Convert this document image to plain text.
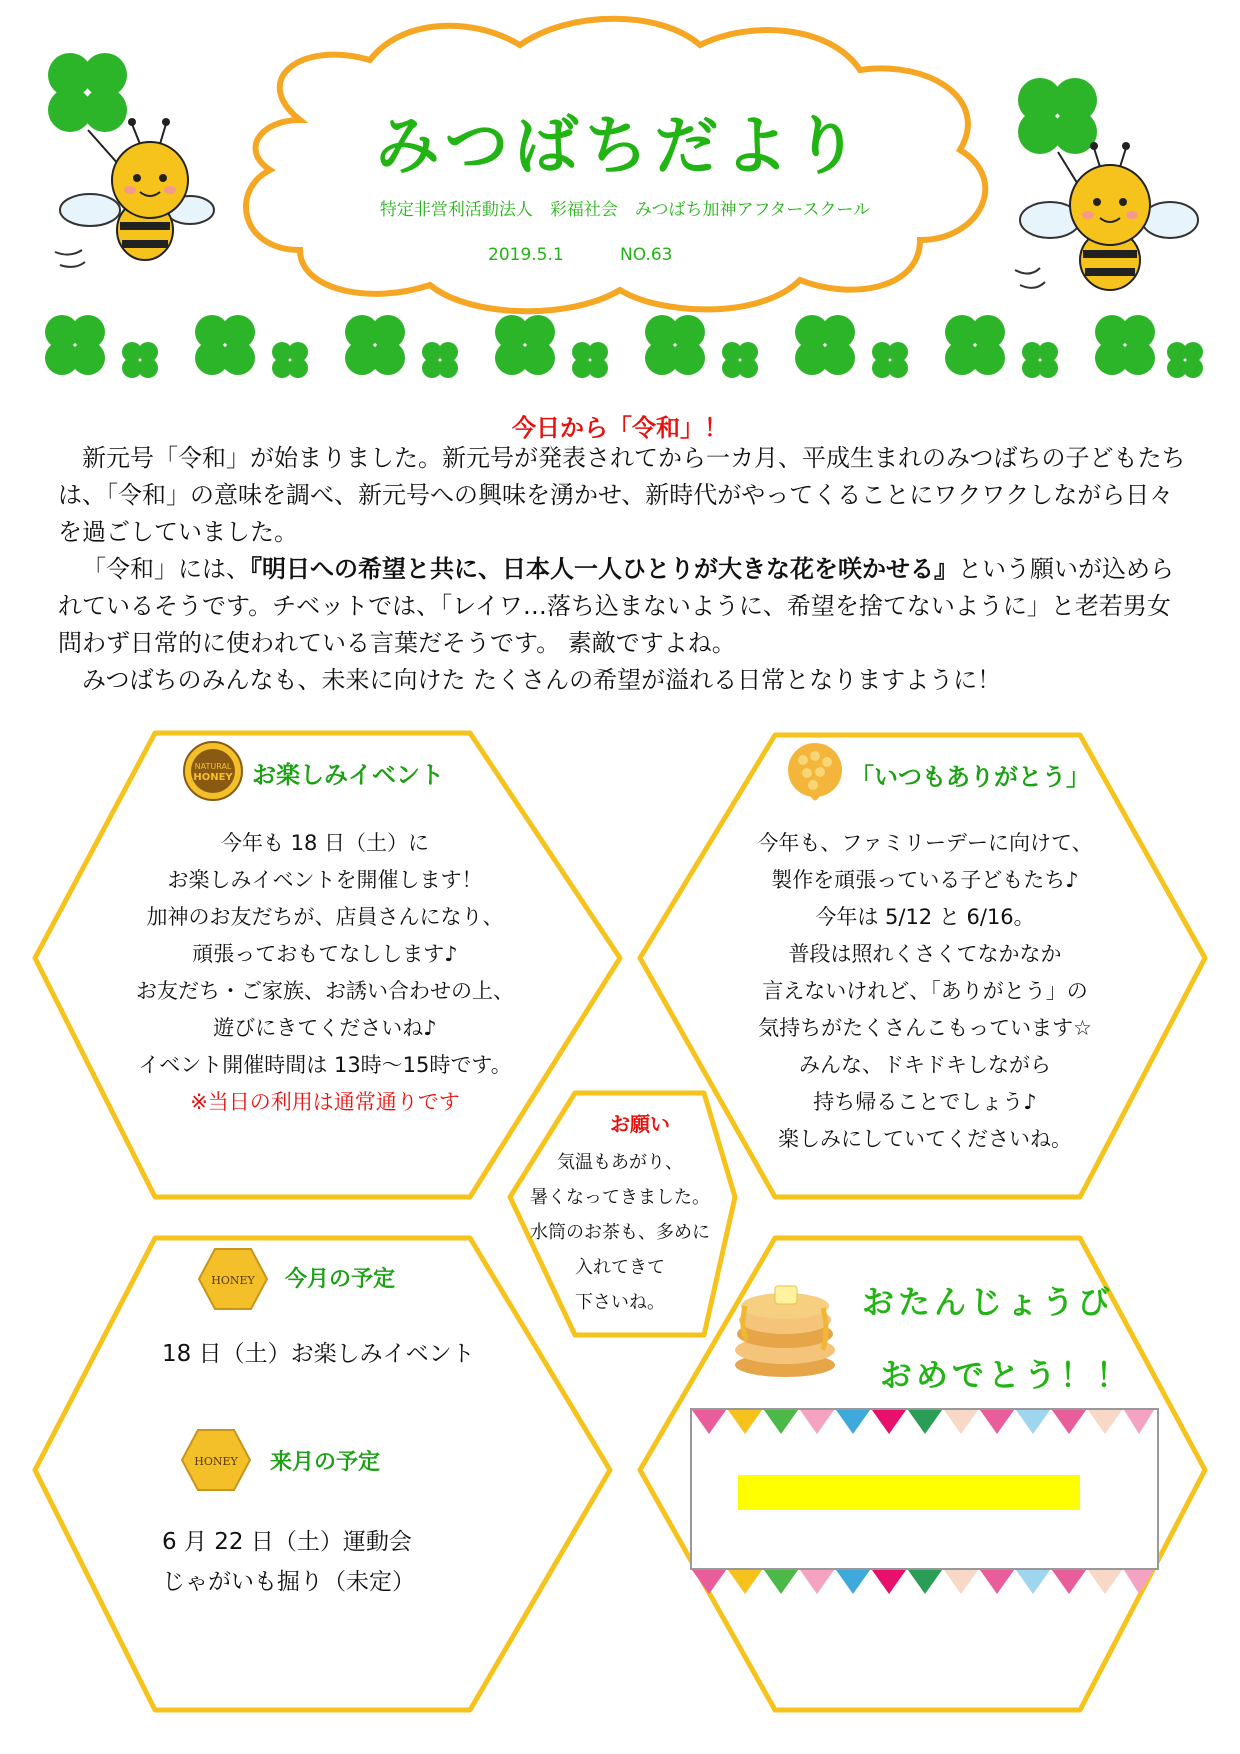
みつばちだより
特定非営利活動法人　彩福社会　みつばち加神アフタースクール
2019.5.1	NO.63
今日から「令和」！

新元号「令和」が始まりました。新元号が発表されてから一カ月、平成生まれのみつばちの子どもたちは、「令和」の意味を調べ、新元号への興味を湧かせ、新時代がやってくることにワクワクしながら日々を過ごしていました。

「令和」には、『明日への希望と共に、日本人一人ひとりが大きな花を咲かせる』という願いが込められているそうです。チベットでは、「レイワ…落ち込まないように、希望を捨てないように」と老若男女問わず日常的に使われている言葉だそうです。 素敵ですよね。

みつばちのみんなも、未来に向けた たくさんの希望が溢れる日常となりますように！

NATURAL
HONEY お楽しみイベント
今年も 18 日（土）に
お楽しみイベントを開催します！
加神のお友だちが、店員さんになり、
頑張っておもてなしします♪
お友だち・ご家族、お誘い合わせの上、
遊びにきてくださいね♪
イベント開催時間は 13時〜15時です。
※当日の利用は通常通りです
「いつもありがとう」
今年も、ファミリーデーに向けて、
製作を頑張っている子どもたち♪
今年は 5/12 と 6/16。
普段は照れくさくてなかなか
言えないけれど、「ありがとう」の
気持ちがたくさんこもっています☆
みんな、ドキドキしながら
持ち帰ることでしょう♪
楽しみにしていてくださいね。
お願い
気温もあがり、
暑くなってきました。
水筒のお茶も、多めに
入れてきて
下さいね。
HONEY 今月の予定
18 日（土）お楽しみイベント
HONEY 来月の予定
6 月 22 日（土）運動会
じゃがいも掘り（未定）
おたんじょうび
おめでとう！！
